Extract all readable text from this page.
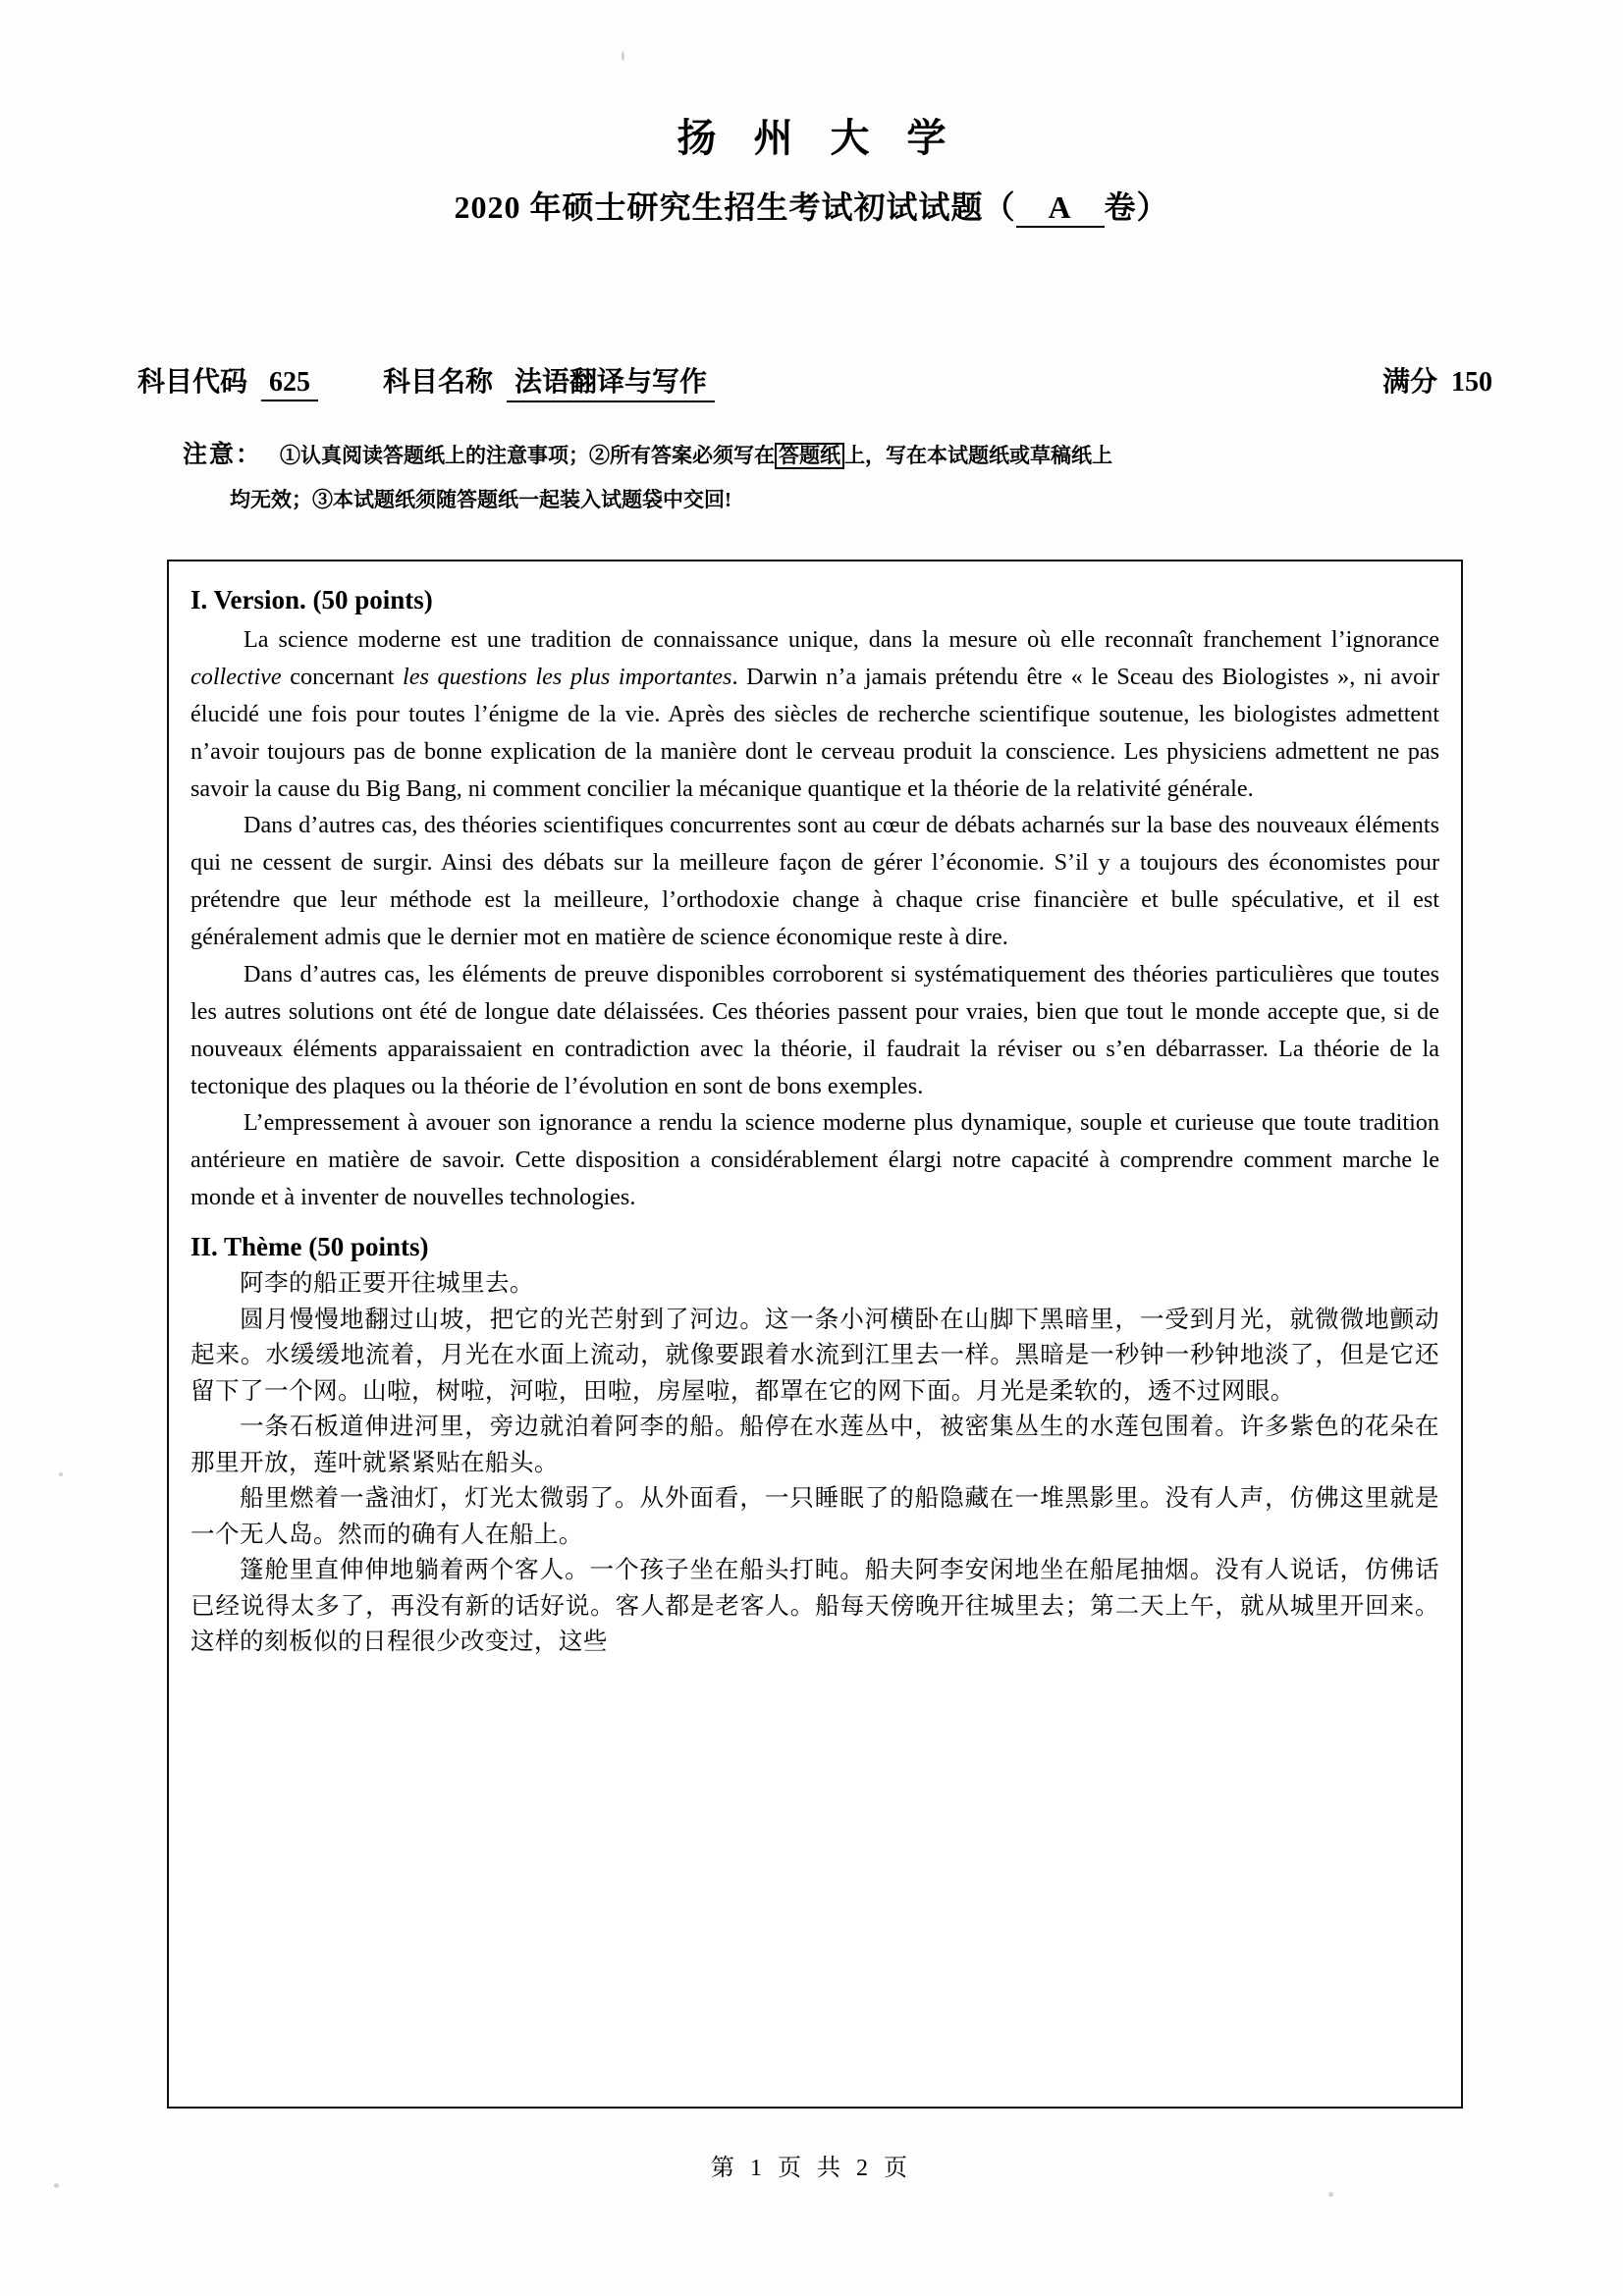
扬 州 大 学
2020 年硕士研究生招生考试初试试题（ A 卷）
科目代码 625	科目名称 法语翻译与写作	满分 150
注意： ①认真阅读答题纸上的注意事项；②所有答案必须写在 答题纸 上，写在本试题纸或草稿纸上
均无效；③本试题纸须随答题纸一起装入试题袋中交回!
I. Version. (50 points)

La science moderne est une tradition de connaissance unique, dans la mesure où elle reconnaît franchement l’ignorance collective concernant les questions les plus importantes. Darwin n’a jamais prétendu être « le Sceau des Biologistes », ni avoir élucidé une fois pour toutes l’énigme de la vie. Après des siècles de recherche scientifique soutenue, les biologistes admettent n’avoir toujours pas de bonne explication de la manière dont le cerveau produit la conscience. Les physiciens admettent ne pas savoir la cause du Big Bang, ni comment concilier la mécanique quantique et la théorie de la relativité générale.

Dans d’autres cas, des théories scientifiques concurrentes sont au cœur de débats acharnés sur la base des nouveaux éléments qui ne cessent de surgir. Ainsi des débats sur la meilleure façon de gérer l’économie. S’il y a toujours des économistes pour prétendre que leur méthode est la meilleure, l’orthodoxie change à chaque crise financière et bulle spéculative, et il est généralement admis que le dernier mot en matière de science économique reste à dire.

Dans d’autres cas, les éléments de preuve disponibles corroborent si systématiquement des théories particulières que toutes les autres solutions ont été de longue date délaissées. Ces théories passent pour vraies, bien que tout le monde accepte que, si de nouveaux éléments apparaissaient en contradiction avec la théorie, il faudrait la réviser ou s’en débarrasser. La théorie de la tectonique des plaques ou la théorie de l’évolution en sont de bons exemples.

L’empressement à avouer son ignorance a rendu la science moderne plus dynamique, souple et curieuse que toute tradition antérieure en matière de savoir. Cette disposition a considérablement élargi notre capacité à comprendre comment marche le monde et à inventer de nouvelles technologies.

II. Thème (50 points)

阿李的船正要开往城里去。

圆月慢慢地翻过山坡，把它的光芒射到了河边。这一条小河横卧在山脚下黑暗里，一受到月光，就微微地颤动起来。水缓缓地流着，月光在水面上流动，就像要跟着水流到江里去一样。黑暗是一秒钟一秒钟地淡了，但是它还留下了一个网。山啦，树啦，河啦，田啦，房屋啦，都罩在它的网下面。月光是柔软的，透不过网眼。

一条石板道伸进河里，旁边就泊着阿李的船。船停在水莲丛中，被密集丛生的水莲包围着。许多紫色的花朵在那里开放，莲叶就紧紧贴在船头。

船里燃着一盏油灯，灯光太微弱了。从外面看，一只睡眠了的船隐藏在一堆黑影里。没有人声，仿佛这里就是一个无人岛。然而的确有人在船上。

篷舱里直伸伸地躺着两个客人。一个孩子坐在船头打盹。船夫阿李安闲地坐在船尾抽烟。没有人说话，仿佛话已经说得太多了，再没有新的话好说。客人都是老客人。船每天傍晚开往城里去；第二天上午，就从城里开回来。这样的刻板似的日程很少改变过，这些

第 1 页 共 2 页
